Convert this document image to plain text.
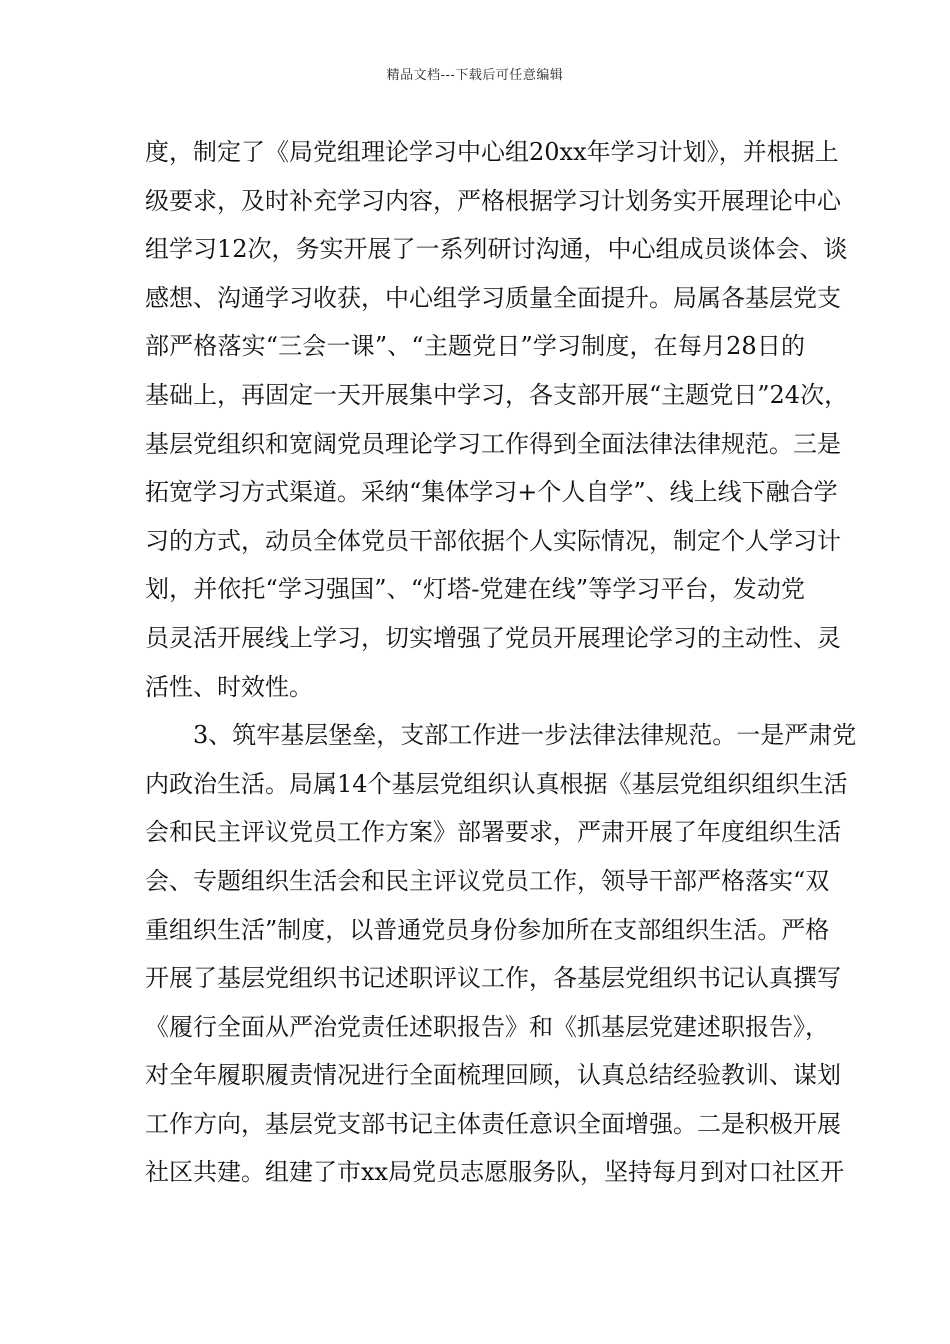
精品文档---下载后可任意编辑
度，制定了《局党组理论学习中心组20xx年学习计划》，并根据上
级要求，及时补充学习内容，严格根据学习计划务实开展理论中心
组学习12次，务实开展了一系列研讨沟通，中心组成员谈体会、谈
感想、沟通学习收获，中心组学习质量全面提升。局属各基层党支
部严格落实“三会一课”、“主题党日”学习制度，在每月28日的
基础上，再固定一天开展集中学习，各支部开展“主题党日”24次，
基层党组织和宽阔党员理论学习工作得到全面法律法律规范。三是
拓宽学习方式渠道。采纳“集体学习+个人自学”、线上线下融合学
习的方式，动员全体党员干部依据个人实际情况，制定个人学习计
划，并依托“学习强国”、“灯塔-党建在线”等学习平台，发动党
员灵活开展线上学习，切实增强了党员开展理论学习的主动性、灵
活性、时效性。
3、筑牢基层堡垒，支部工作进一步法律法律规范。一是严肃党
内政治生活。局属14个基层党组织认真根据《基层党组织组织生活
会和民主评议党员工作方案》部署要求，严肃开展了年度组织生活
会、专题组织生活会和民主评议党员工作，领导干部严格落实“双
重组织生活”制度，以普通党员身份参加所在支部组织生活。严格
开展了基层党组织书记述职评议工作，各基层党组织书记认真撰写
《履行全面从严治党责任述职报告》和《抓基层党建述职报告》，
对全年履职履责情况进行全面梳理回顾，认真总结经验教训、谋划
工作方向，基层党支部书记主体责任意识全面增强。二是积极开展
社区共建。组建了市xx局党员志愿服务队，坚持每月到对口社区开
